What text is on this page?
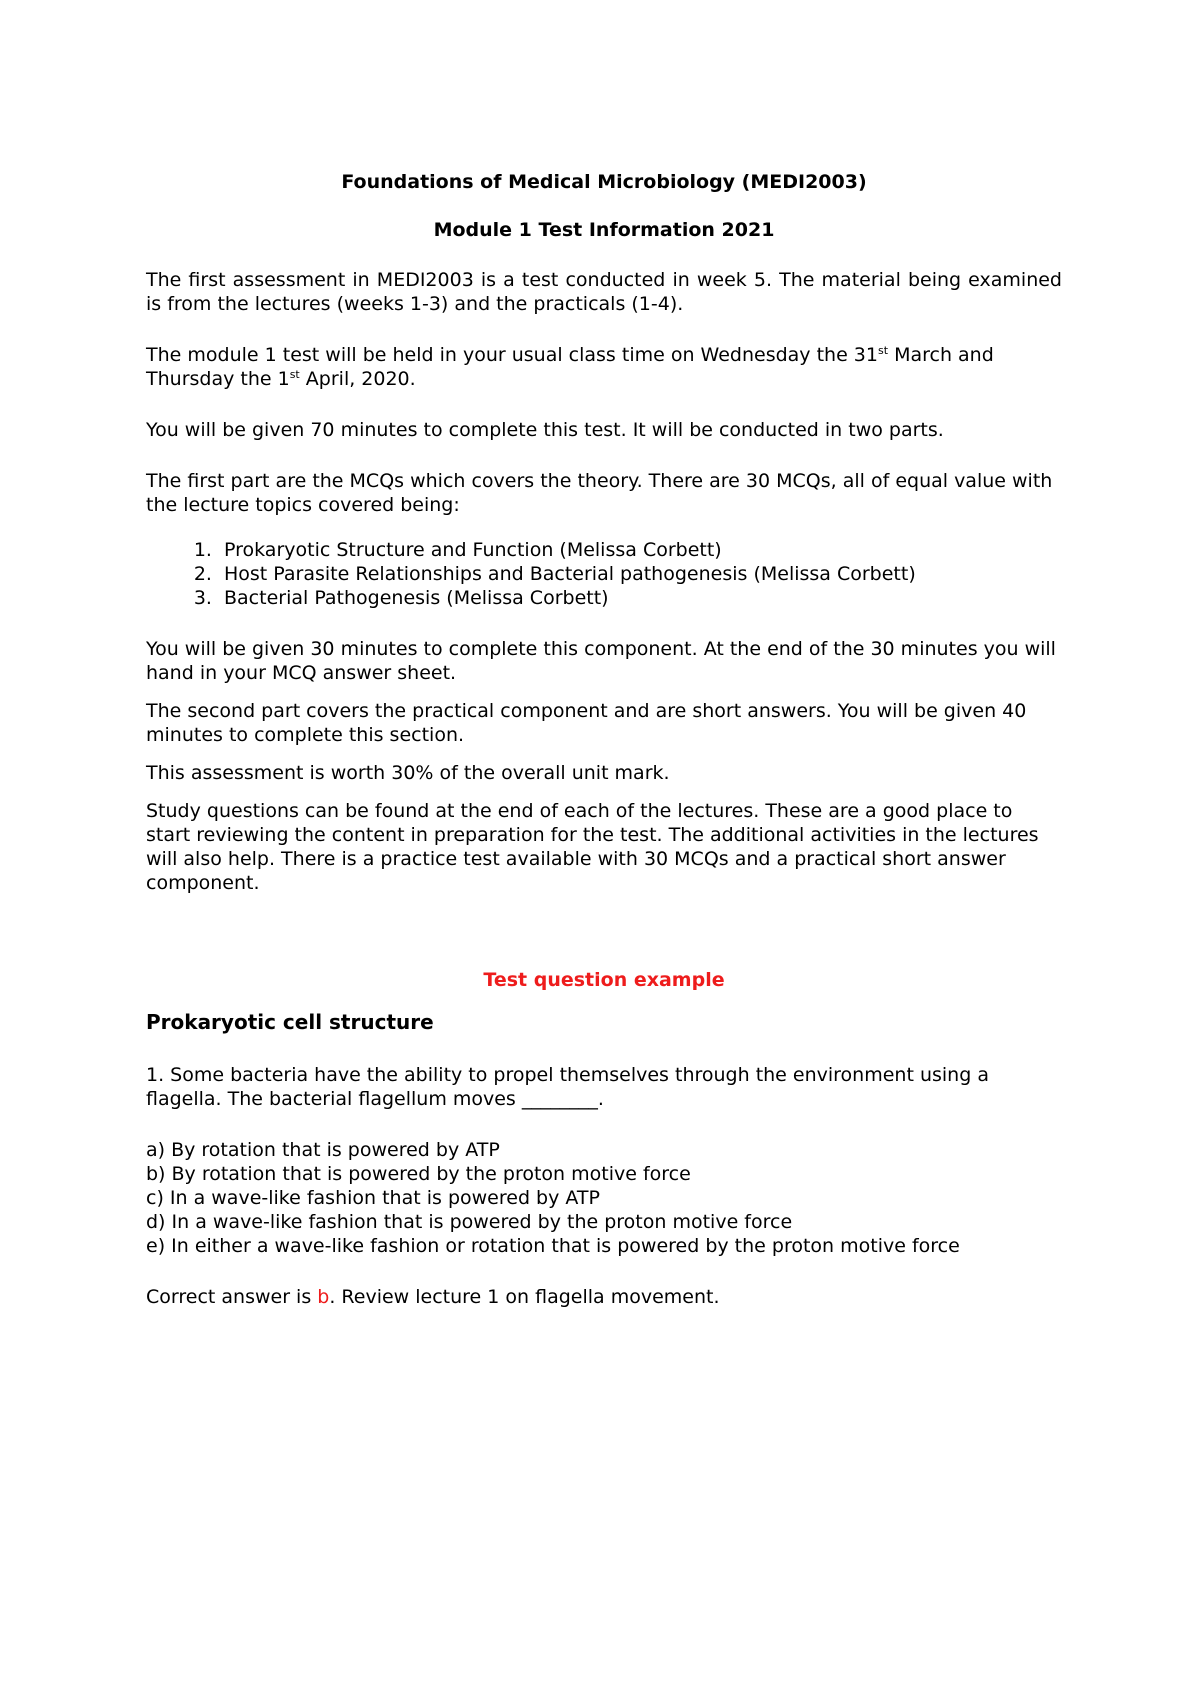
Foundations of Medical Microbiology (MEDI2003)
Module 1 Test Information 2021

The first assessment in MEDI2003 is a test conducted in week 5. The material being examined is from the lectures (weeks 1-3) and the practicals (1-4).

The module 1 test will be held in your usual class time on Wednesday the 31st March and Thursday the 1st April, 2020.

You will be given 70 minutes to complete this test. It will be conducted in two parts.

The first part are the MCQs which covers the theory. There are 30 MCQs, all of equal value with the lecture topics covered being:

1. Prokaryotic Structure and Function (Melissa Corbett)
2. Host Parasite Relationships and Bacterial pathogenesis (Melissa Corbett)
3. Bacterial Pathogenesis (Melissa Corbett)

You will be given 30 minutes to complete this component. At the end of the 30 minutes you will hand in your MCQ answer sheet.

The second part covers the practical component and are short answers. You will be given 40 minutes to complete this section.

This assessment is worth 30% of the overall unit mark.

Study questions can be found at the end of each of the lectures. These are a good place to start reviewing the content in preparation for the test. The additional activities in the lectures will also help. There is a practice test available with 30 MCQs and a practical short answer component.

Test question example
Prokaryotic cell structure

1. Some bacteria have the ability to propel themselves through the environment using a flagella. The bacterial flagellum moves ________.

a) By rotation that is powered by ATP
b) By rotation that is powered by the proton motive force
c) In a wave-like fashion that is powered by ATP
d) In a wave-like fashion that is powered by the proton motive force
e) In either a wave-like fashion or rotation that is powered by the proton motive force

Correct answer is b. Review lecture 1 on flagella movement.
